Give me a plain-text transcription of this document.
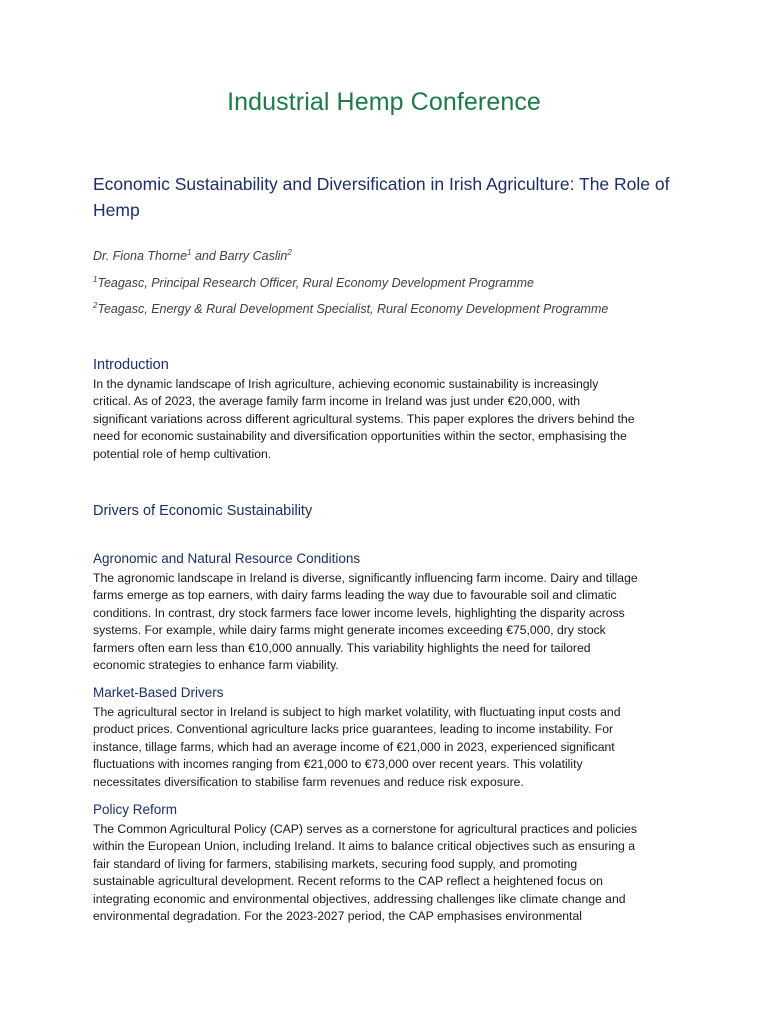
Industrial Hemp Conference
Economic Sustainability and Diversification in Irish Agriculture: The Role of Hemp
Dr. Fiona Thorne$^1$ and Barry Caslin$^2$
$^1$Teagasc, Principal Research Officer, Rural Economy Development Programme
$^2$Teagasc, Energy & Rural Development Specialist, Rural Economy Development Programme
Introduction
In the dynamic landscape of Irish agriculture, achieving economic sustainability is increasingly
critical. As of 2023, the average family farm income in Ireland was just under €20,000, with
significant variations across different agricultural systems. This paper explores the drivers behind the
need for economic sustainability and diversification opportunities within the sector, emphasising the
potential role of hemp cultivation.
Drivers of Economic Sustainability
Agronomic and Natural Resource Conditions
The agronomic landscape in Ireland is diverse, significantly influencing farm income. Dairy and tillage
farms emerge as top earners, with dairy farms leading the way due to favourable soil and climatic
conditions. In contrast, dry stock farmers face lower income levels, highlighting the disparity across
systems. For example, while dairy farms might generate incomes exceeding €75,000, dry stock
farmers often earn less than €10,000 annually. This variability highlights the need for tailored
economic strategies to enhance farm viability.
Market-Based Drivers
The agricultural sector in Ireland is subject to high market volatility, with fluctuating input costs and
product prices. Conventional agriculture lacks price guarantees, leading to income instability. For
instance, tillage farms, which had an average income of €21,000 in 2023, experienced significant
fluctuations with incomes ranging from €21,000 to €73,000 over recent years. This volatility
necessitates diversification to stabilise farm revenues and reduce risk exposure.
Policy Reform
The Common Agricultural Policy (CAP) serves as a cornerstone for agricultural practices and policies
within the European Union, including Ireland. It aims to balance critical objectives such as ensuring a
fair standard of living for farmers, stabilising markets, securing food supply, and promoting
sustainable agricultural development. Recent reforms to the CAP reflect a heightened focus on
integrating economic and environmental objectives, addressing challenges like climate change and
environmental degradation. For the 2023-2027 period, the CAP emphasises environmental
